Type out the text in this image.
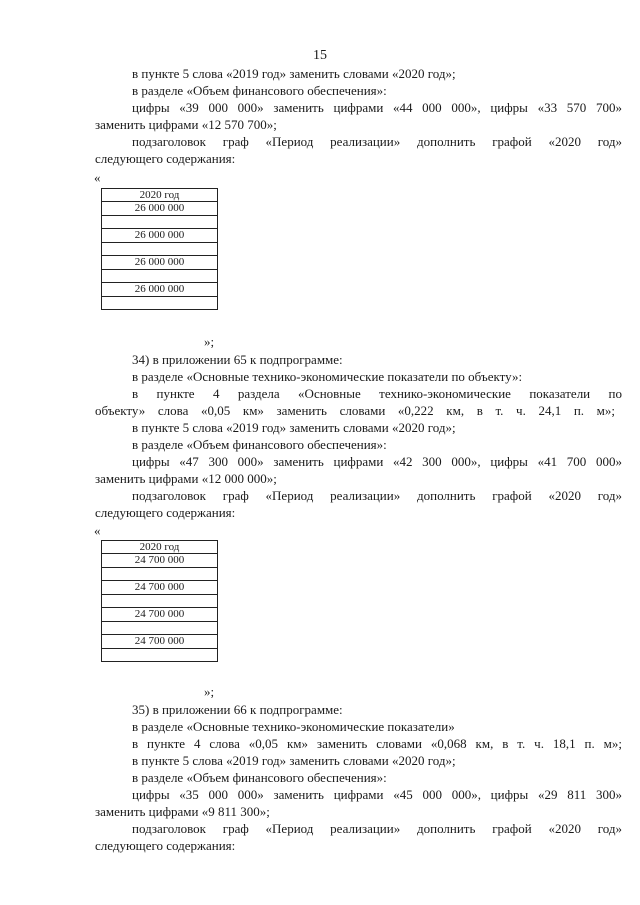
15
в пункте 5 слова «2019 год» заменить словами «2020 год»;
в разделе «Объем финансового обеспечения»:
цифры «39 000 000» заменить цифрами «44 000 000», цифры «33 570 700»
заменить цифрами «12 570 700»;
подзаголовок граф «Период реализации» дополнить графой «2020 год»
следующего содержания:
«
2020 год
26 000 000

26 000 000

26 000 000

26 000 000

»;
34) в приложении 65 к подпрограмме:
в разделе «Основные технико-экономические показатели по объекту»:
в пункте 4 раздела «Основные технико-экономические показатели по
объекту» слова «0,05 км» заменить словами «0,222 км, в т. ч. 24,1 п. м»;
в пункте 5 слова «2019 год» заменить словами «2020 год»;
в разделе «Объем финансового обеспечения»:
цифры «47 300 000» заменить цифрами «42 300 000», цифры «41 700 000»
заменить цифрами «12 000 000»;
подзаголовок граф «Период реализации» дополнить графой «2020 год»
следующего содержания:
«
2020 год
24 700 000

24 700 000

24 700 000

24 700 000

»;
35) в приложении 66 к подпрограмме:
в разделе «Основные технико-экономические показатели»
в пункте 4 слова «0,05 км» заменить словами «0,068 км, в т. ч. 18,1 п. м»;
в пункте 5 слова «2019 год» заменить словами «2020 год»;
в разделе «Объем финансового обеспечения»:
цифры «35 000 000» заменить цифрами «45 000 000», цифры «29 811 300»
заменить цифрами «9 811 300»;
подзаголовок граф «Период реализации» дополнить графой «2020 год»
следующего содержания:
